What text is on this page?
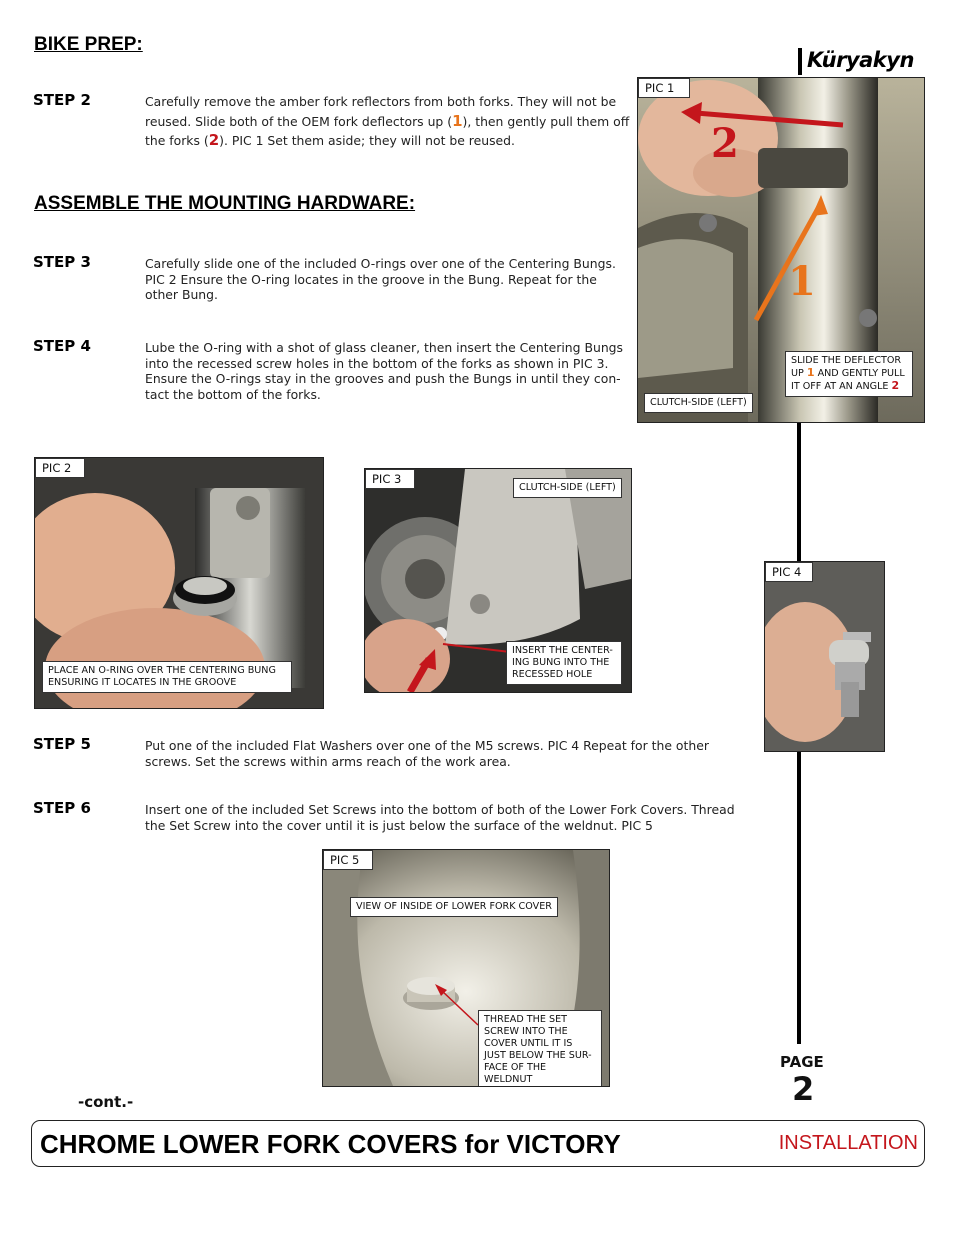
Küryakyn
BIKE PREP:
ASSEMBLE THE MOUNTING HARDWARE:
STEP 2	Carefully remove the amber fork reflectors from both forks. They will not be reused. Slide both of the OEM fork deflectors up (1), then gently pull them off the forks (2). PIC 1 Set them aside; they will not be reused.
STEP 3	Carefully slide one of the included O-rings over one of the Centering Bungs. PIC 2 Ensure the O-ring locates in the groove in the Bung. Repeat for the other Bung.
STEP 4	Lube the O-ring with a shot of glass cleaner, then insert the Centering Bungs into the recessed screw holes in the bottom of the forks as shown in PIC 3. Ensure the O-rings stay in the grooves and push the Bungs in until they con-tact the bottom of the forks.
2
1
PIC 1
SLIDE THE DEFLECTOR UP 1 AND GENTLY PULL IT OFF AT AN ANGLE 2
CLUTCH-SIDE (LEFT)
PIC 2
PLACE AN O-RING OVER THE CENTERING BUNG ENSURING IT LOCATES IN THE GROOVE
PIC 3
CLUTCH-SIDE (LEFT)
INSERT THE CENTER-ING BUNG INTO THE RECESSED HOLE
PIC 4
STEP 5	Put one of the included Flat Washers over one of the M5 screws. PIC 4 Repeat for the other screws. Set the screws within arms reach of the work area.
STEP 6	Insert one of the included Set Screws into the bottom of both of the Lower Fork Covers. Thread the Set Screw into the cover until it is just below the surface of the weldnut. PIC 5
PIC 5
VIEW OF INSIDE OF LOWER FORK COVER
THREAD THE SET SCREW INTO THE COVER UNTIL IT IS JUST BELOW THE SUR-FACE OF THE WELDNUT
PAGE
2
-cont.-
CHROME LOWER FORK COVERS for VICTORY	INSTALLATION
